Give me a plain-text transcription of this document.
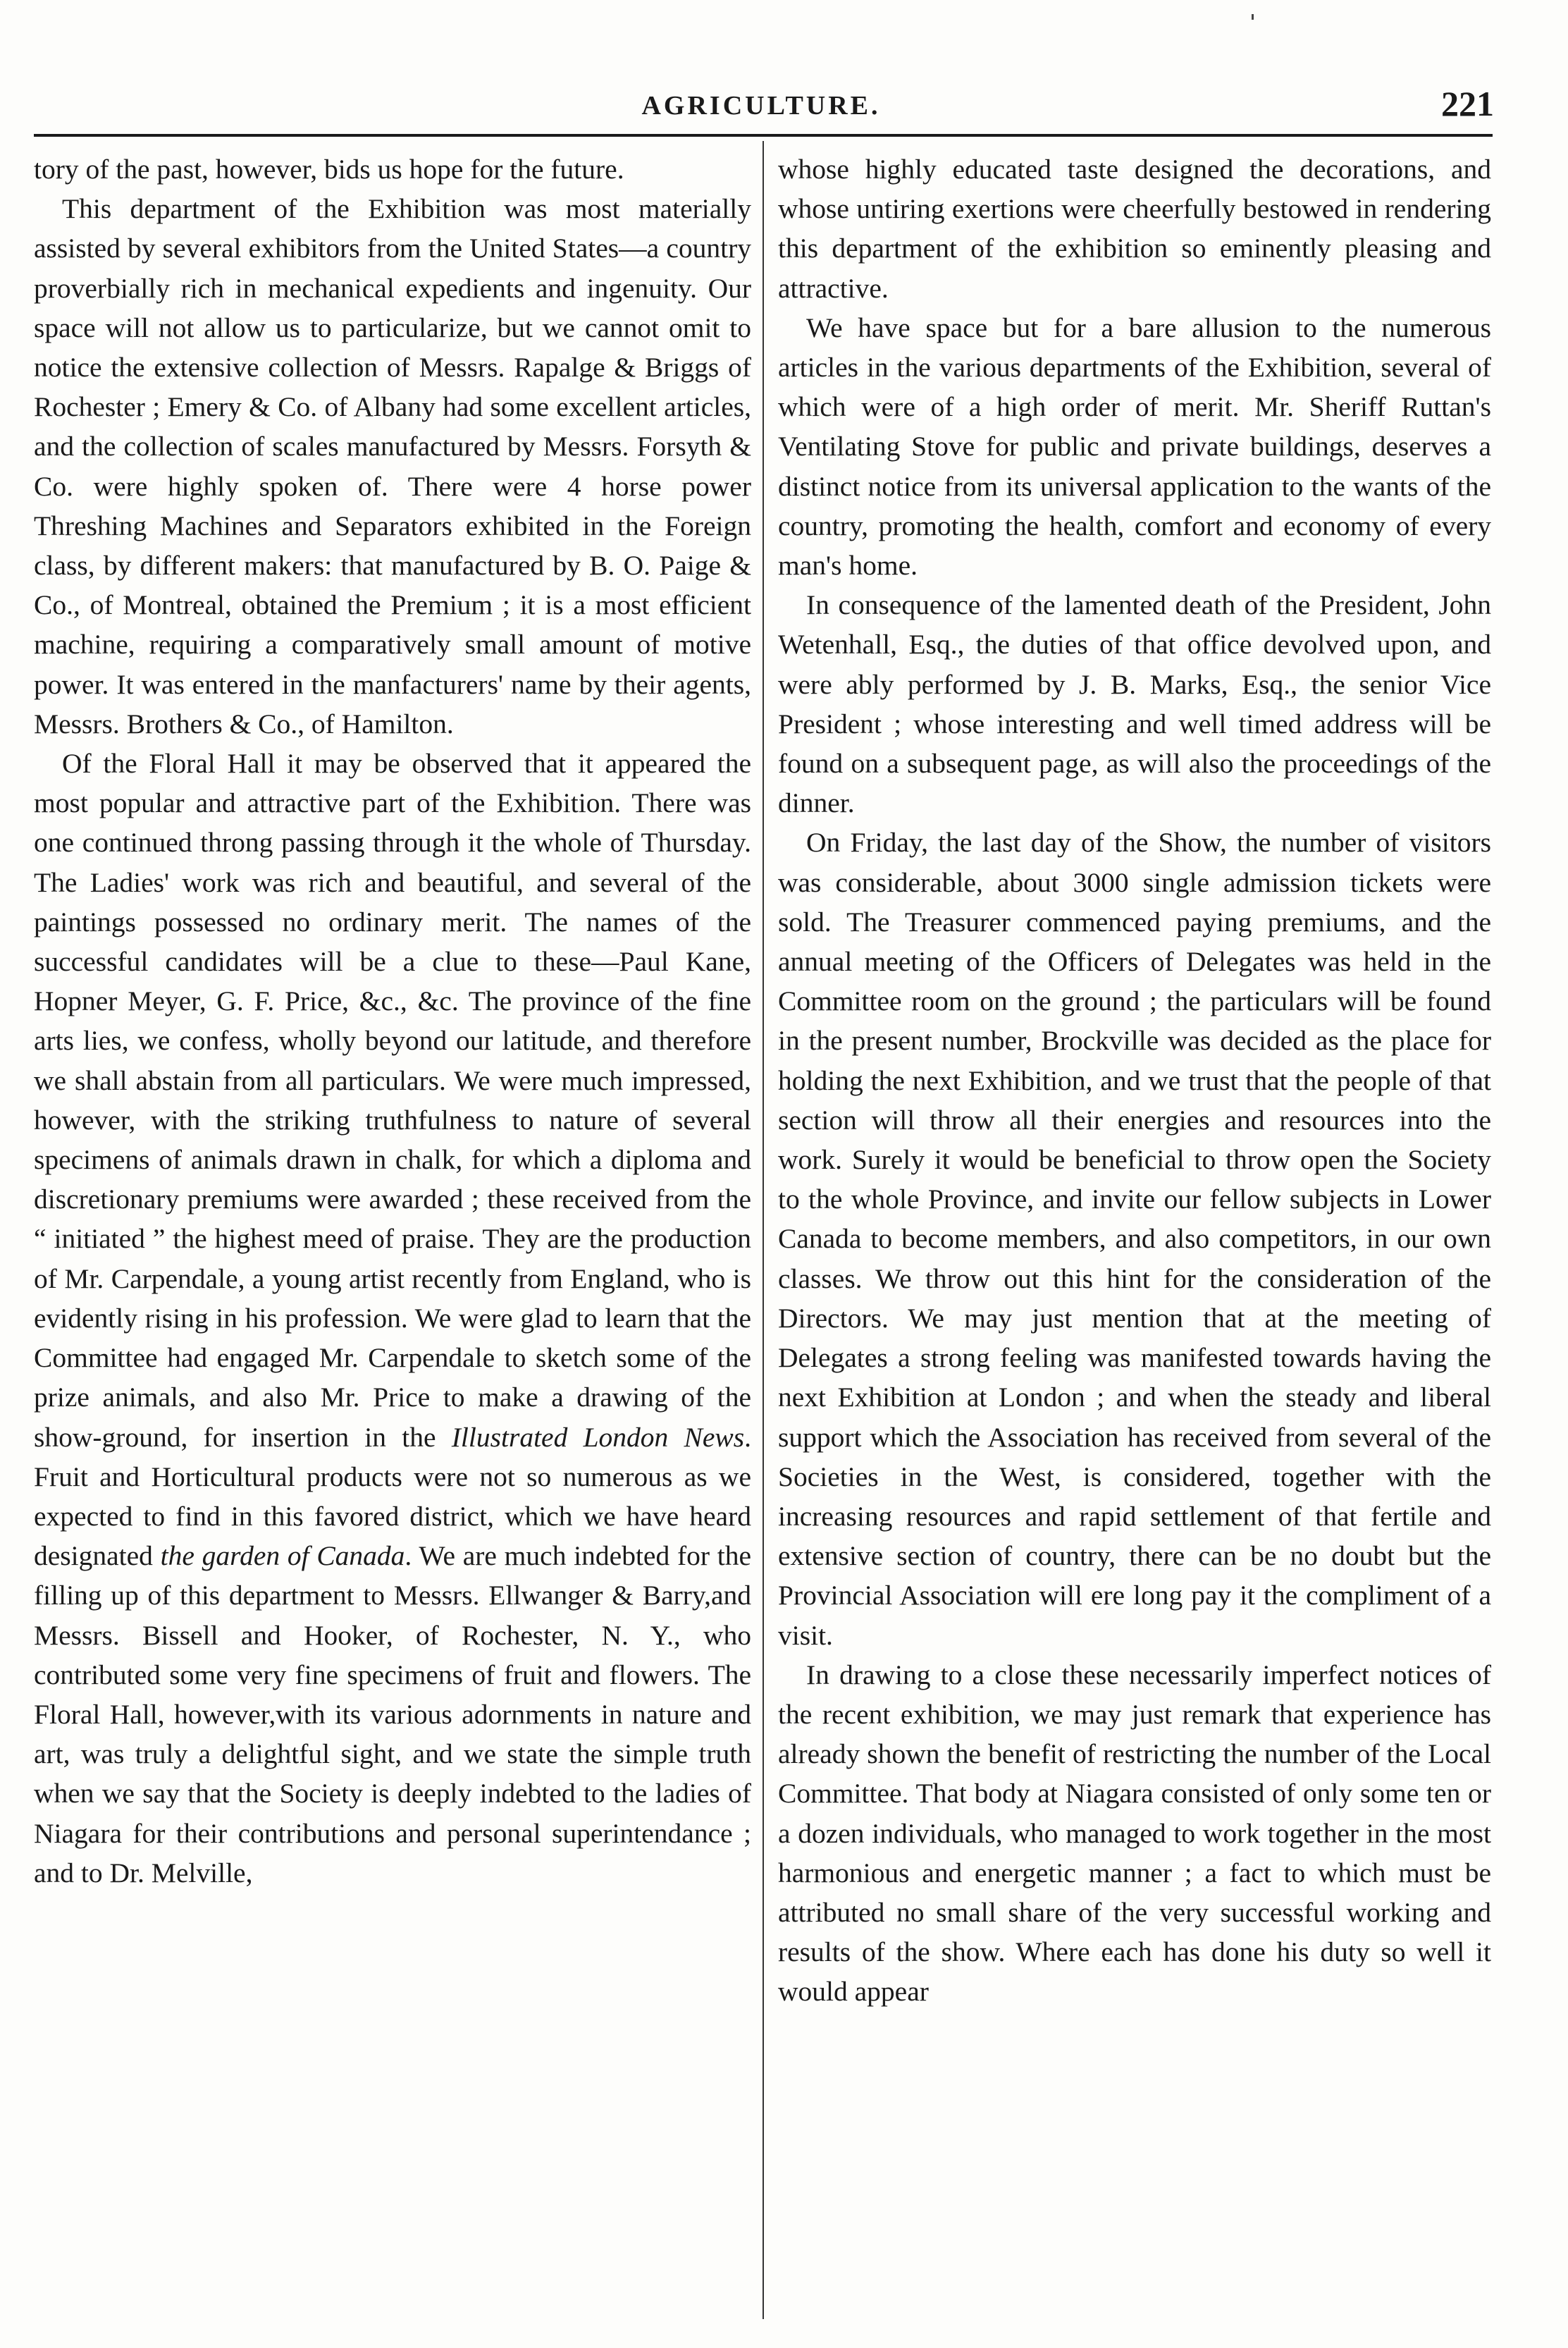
AGRICULTURE.	221

tory of the past, however, bids us hope for the future.

This department of the Exhibition was most materially assisted by several exhibitors from the United States—a country proverbially rich in mechanical expedients and ingenuity. Our space will not allow us to particularize, but we cannot omit to notice the extensive collection of Messrs. Rapalge & Briggs of Rochester ; Emery & Co. of Albany had some excellent articles, and the collection of scales manufactured by Messrs. Forsyth & Co. were highly spoken of. There were 4 horse power Threshing Machines and Separators exhibited in the Foreign class, by different makers: that manufactured by B. O. Paige & Co., of Montreal, obtained the Premium ; it is a most efficient machine, requiring a comparatively small amount of motive power. It was entered in the manfacturers' name by their agents, Messrs. Brothers & Co., of Hamilton.

Of the Floral Hall it may be observed that it appeared the most popular and attractive part of the Exhibition. There was one continued throng passing through it the whole of Thursday. The Ladies' work was rich and beautiful, and several of the paintings possessed no ordinary merit. The names of the successful candidates will be a clue to these—Paul Kane, Hopner Meyer, G. F. Price, &c., &c. The province of the fine arts lies, we confess, wholly beyond our latitude, and therefore we shall abstain from all particulars. We were much impressed, however, with the striking truthfulness to nature of several specimens of animals drawn in chalk, for which a diploma and discretionary premiums were awarded ; these received from the “ initiated ” the highest meed of praise. They are the production of Mr. Carpendale, a young artist recently from England, who is evidently rising in his profession. We were glad to learn that the Committee had engaged Mr. Carpendale to sketch some of the prize animals, and also Mr. Price to make a drawing of the show-ground, for insertion in the Illustrated London News. Fruit and Horticultural products were not so numerous as we expected to find in this favored district, which we have heard designated the garden of Canada. We are much indebted for the filling up of this department to Messrs. Ellwanger & Barry,and Messrs. Bissell and Hooker, of Rochester, N. Y., who contributed some very fine specimens of fruit and flowers. The Floral Hall, however,with its various adornments in nature and art, was truly a delightful sight, and we state the simple truth when we say that the Society is deeply indebted to the ladies of Niagara for their contributions and personal superintendance ; and to Dr. Melville,

whose highly educated taste designed the decorations, and whose untiring exertions were cheerfully bestowed in rendering this department of the exhibition so eminently pleasing and attractive.

We have space but for a bare allusion to the numerous articles in the various departments of the Exhibition, several of which were of a high order of merit. Mr. Sheriff Ruttan's Ventilating Stove for public and private buildings, deserves a distinct notice from its universal application to the wants of the country, promoting the health, comfort and economy of every man's home.

In consequence of the lamented death of the President, John Wetenhall, Esq., the duties of that office devolved upon, and were ably performed by J. B. Marks, Esq., the senior Vice President ; whose interesting and well timed address will be found on a subsequent page, as will also the proceedings of the dinner.

On Friday, the last day of the Show, the number of visitors was considerable, about 3000 single admission tickets were sold. The Treasurer commenced paying premiums, and the annual meeting of the Officers of Delegates was held in the Committee room on the ground ; the particulars will be found in the present number, Brockville was decided as the place for holding the next Exhibition, and we trust that the people of that section will throw all their energies and resources into the work. Surely it would be beneficial to throw open the Society to the whole Province, and invite our fellow subjects in Lower Canada to become members, and also competitors, in our own classes. We throw out this hint for the consideration of the Directors. We may just mention that at the meeting of Delegates a strong feeling was manifested towards having the next Exhibition at London ; and when the steady and liberal support which the Association has received from several of the Societies in the West, is considered, together with the increasing resources and rapid settlement of that fertile and extensive section of country, there can be no doubt but the Provincial Association will ere long pay it the compliment of a visit.

In drawing to a close these necessarily imperfect notices of the recent exhibition, we may just remark that experience has already shown the benefit of restricting the number of the Local Committee. That body at Niagara consisted of only some ten or a dozen individuals, who managed to work together in the most harmonious and energetic manner ; a fact to which must be attributed no small share of the very successful working and results of the show. Where each has done his duty so well it would appear
